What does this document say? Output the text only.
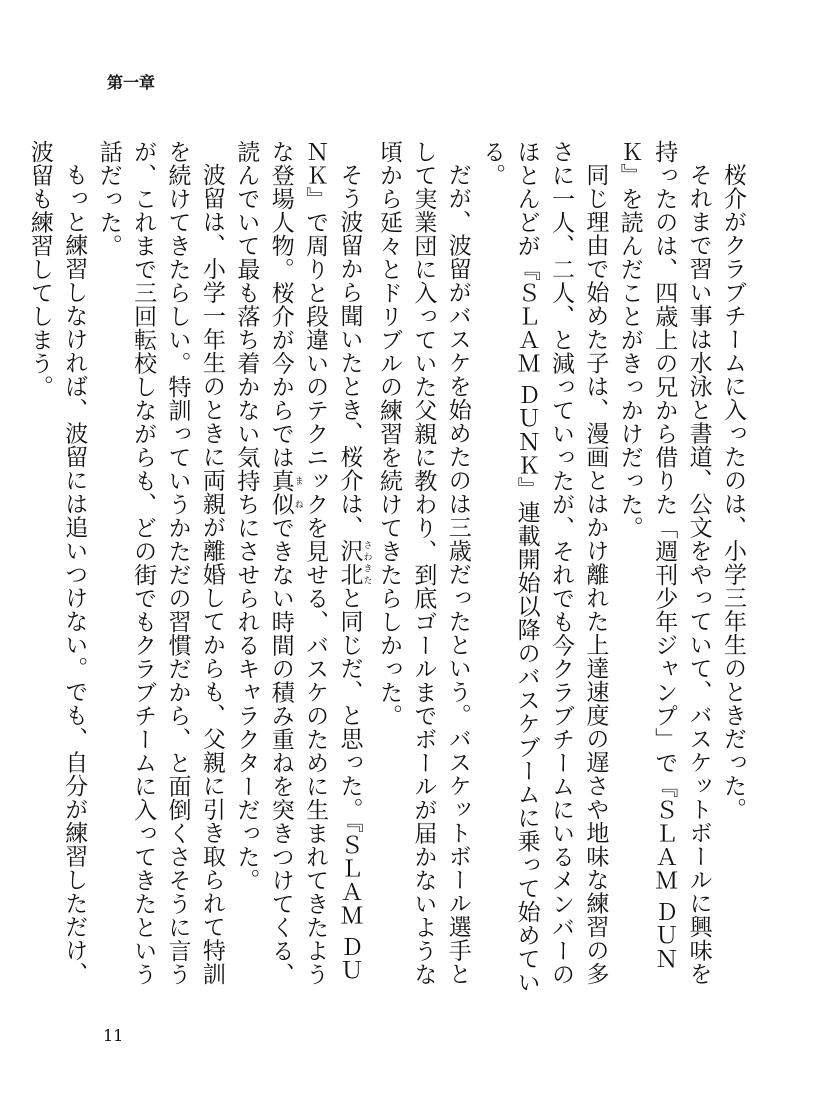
第一章

桜介がクラブチームに入ったのは、小学三年生のときだった。

それまで習い事は水泳と書道、公文をやっていて、バスケットボールに興味を持ったのは、四歳上の兄から借りた「週刊少年ジャンプ」で『ＳＬＡＭ ＤＵＮＫ』を読んだことがきっかけだった。

同じ理由で始めた子は、漫画とはかけ離れた上達速度の遅さや地味な練習の多さに一人、二人、と減っていったが、それでも今クラブチームにいるメンバーのほとんどが『ＳＬＡＭ ＤＵＮＫ』連載開始以降のバスケブームに乗って始めている。

だが、波留がバスケを始めたのは三歳だったという。バスケットボール選手として実業団に入っていた父親に教わり、到底ゴールまでボールが届かないような頃から延々とドリブルの練習を続けてきたらしかった。

そう波留から聞いたとき、桜介は、沢北 さわきたと同じだ、と思った。『ＳＬＡＭ ＤＵＮＫ』で周りと段違いのテクニックを見せる、バスケのために生まれてきたような登場人物。桜介が今からでは真似 まねできない時間の積み重ねを突きつけてくる、読んでいて最も落ち着かない気持ちにさせられるキャラクターだった。

波留は、小学一年生のときに両親が離婚してからも、父親に引き取られて特訓を続けてきたらしい。特訓っていうかただの習慣だから、と面倒くさそうに言うが、これまで三回転校しながらも、どの街でもクラブチームに入ってきたという話だった。

もっと練習しなければ、波留には追いつけない。でも、自分が練習しただけ、波留も練習してしまう。

11
